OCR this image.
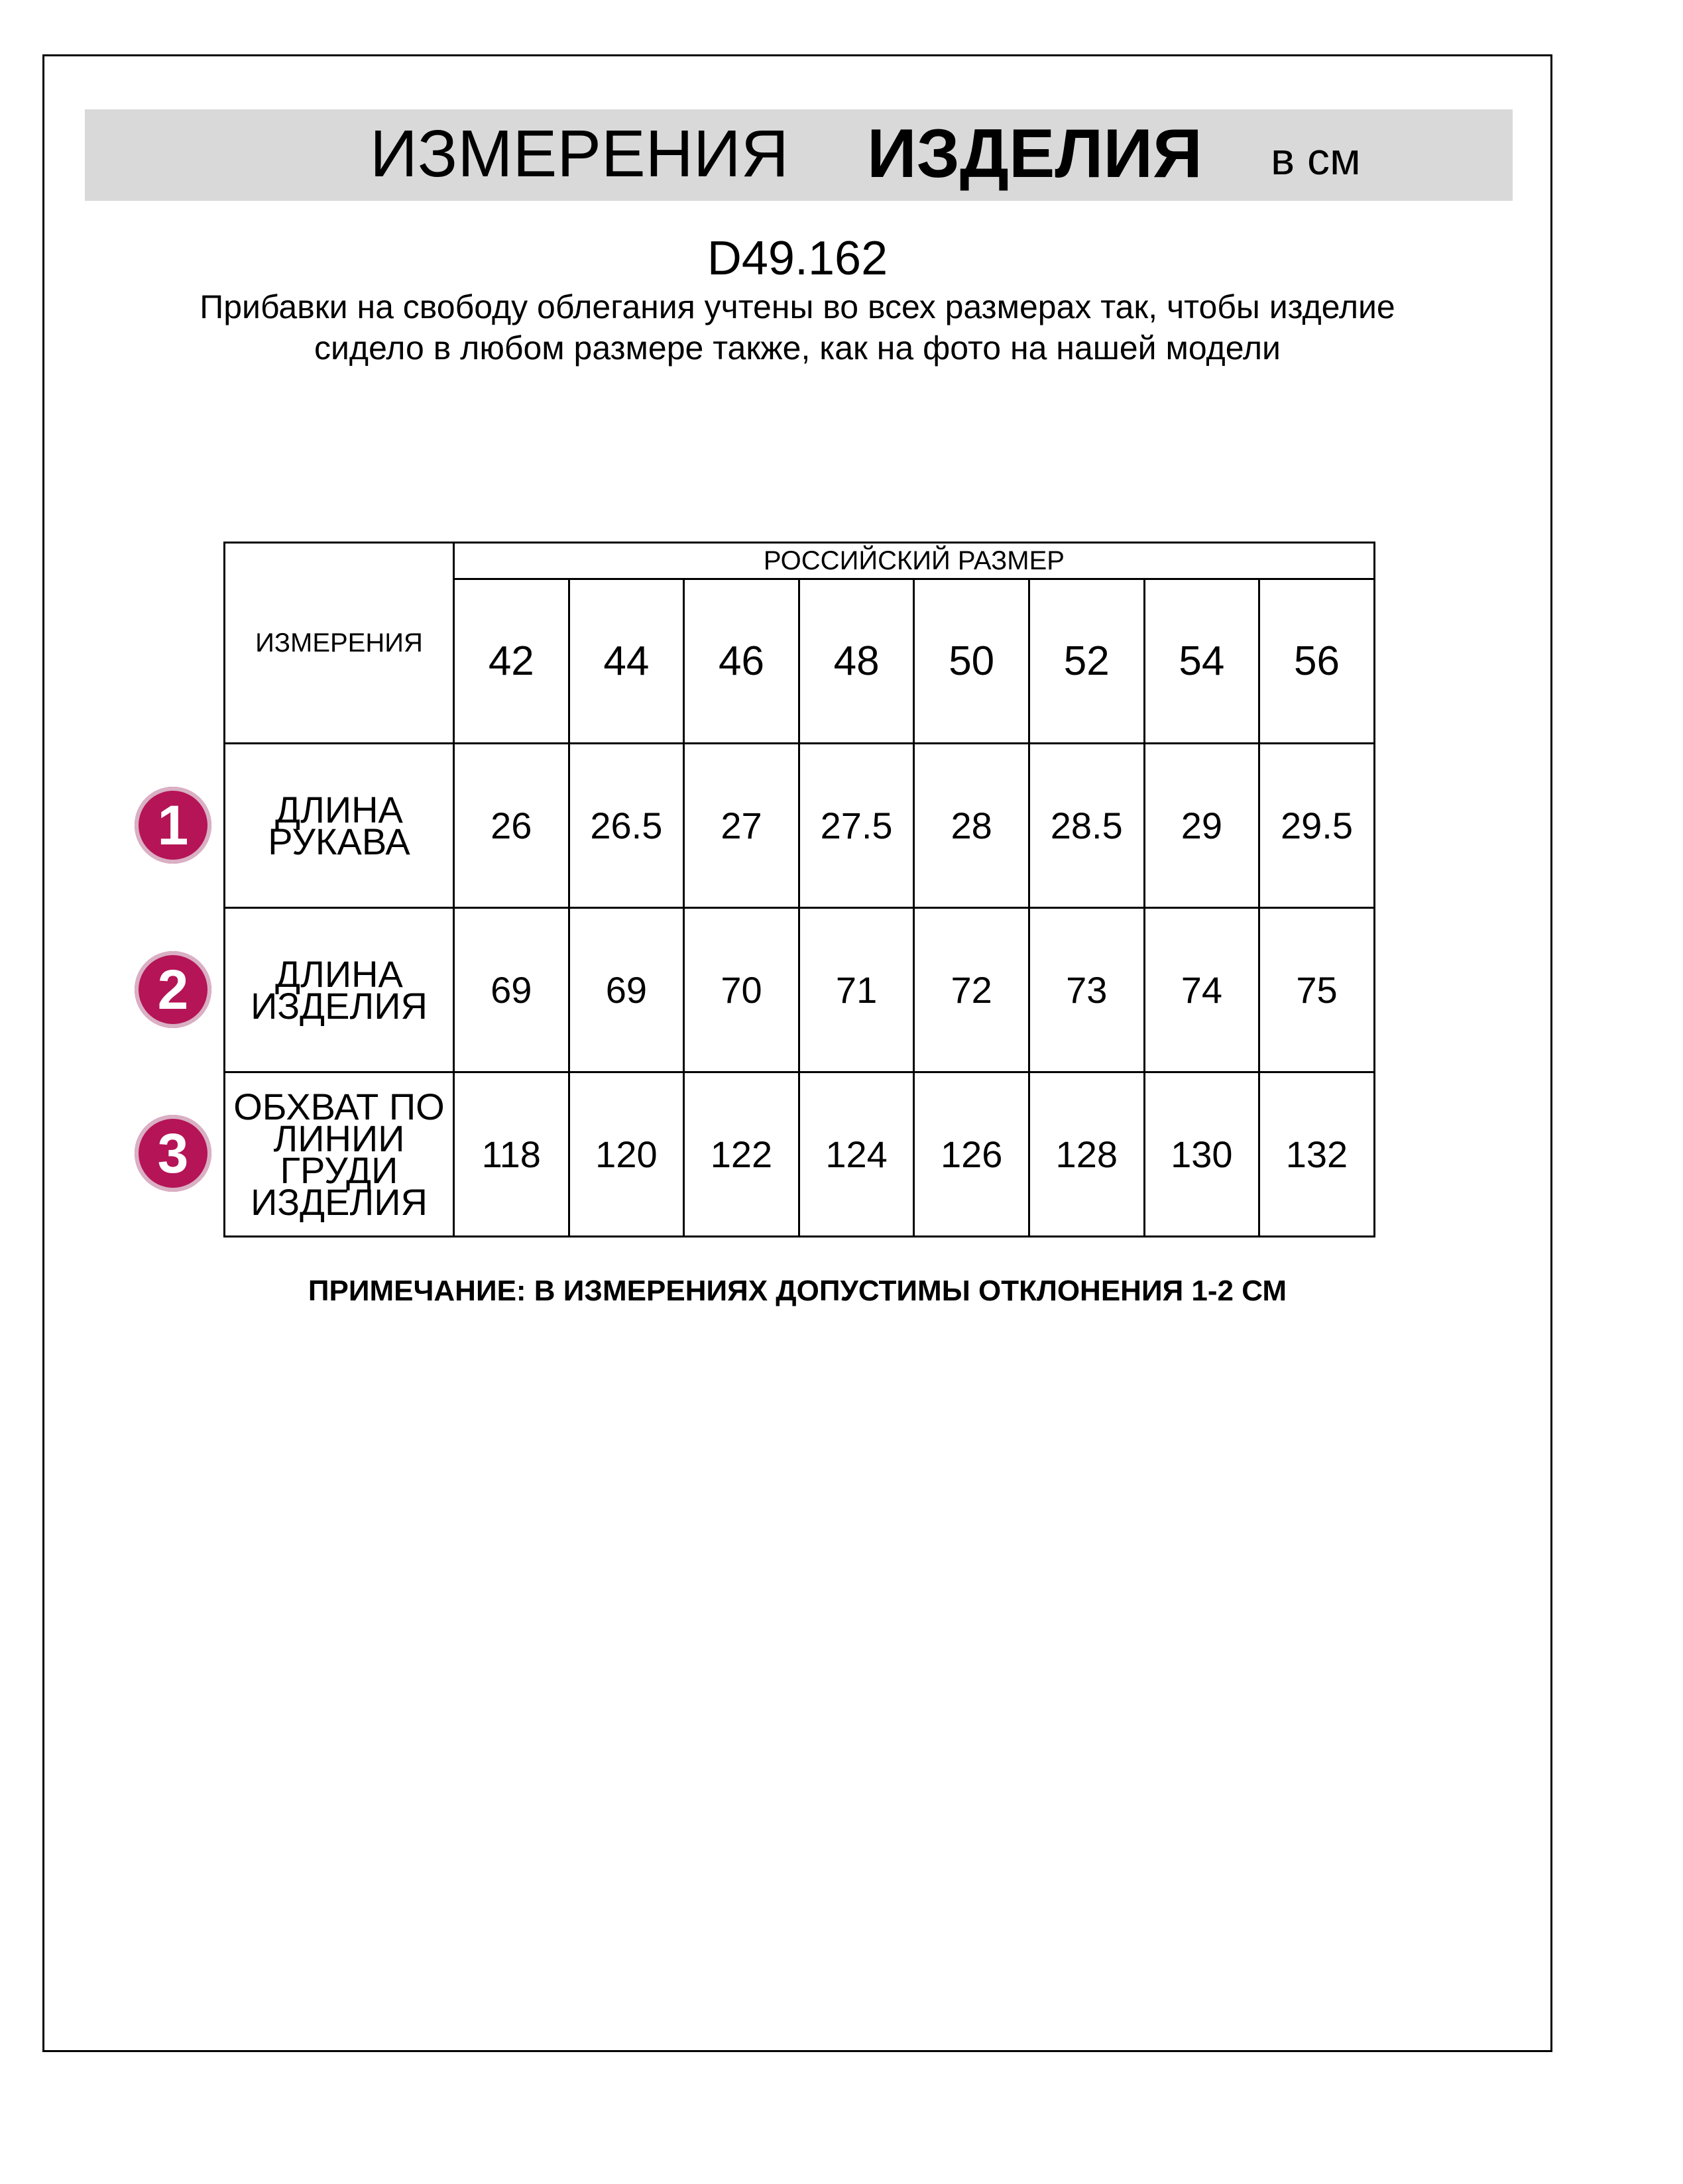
ИЗМЕРЕНИЯ ИЗДЕЛИЯ в см
D49.162
Прибавки на свободу облегания учтены во всех размерах так, чтобы изделие сидело в любом размере также, как на фото на нашей модели
ИЗМЕРЕНИЯ	РОССИЙСКИЙ РАЗМЕР							
	42	44	46	48	50	52	54	56
ДЛИНА РУКАВА	26	26.5	27	27.5	28	28.5	29	29.5
ДЛИНА ИЗДЕЛИЯ	69	69	70	71	72	73	74	75
ОБХВАТ ПО ЛИНИИ ГРУДИ ИЗДЕЛИЯ	118	120	122	124	126	128	130	132
1
2
3
ПРИМЕЧАНИЕ: В ИЗМЕРЕНИЯХ ДОПУСТИМЫ ОТКЛОНЕНИЯ 1-2 СМ
